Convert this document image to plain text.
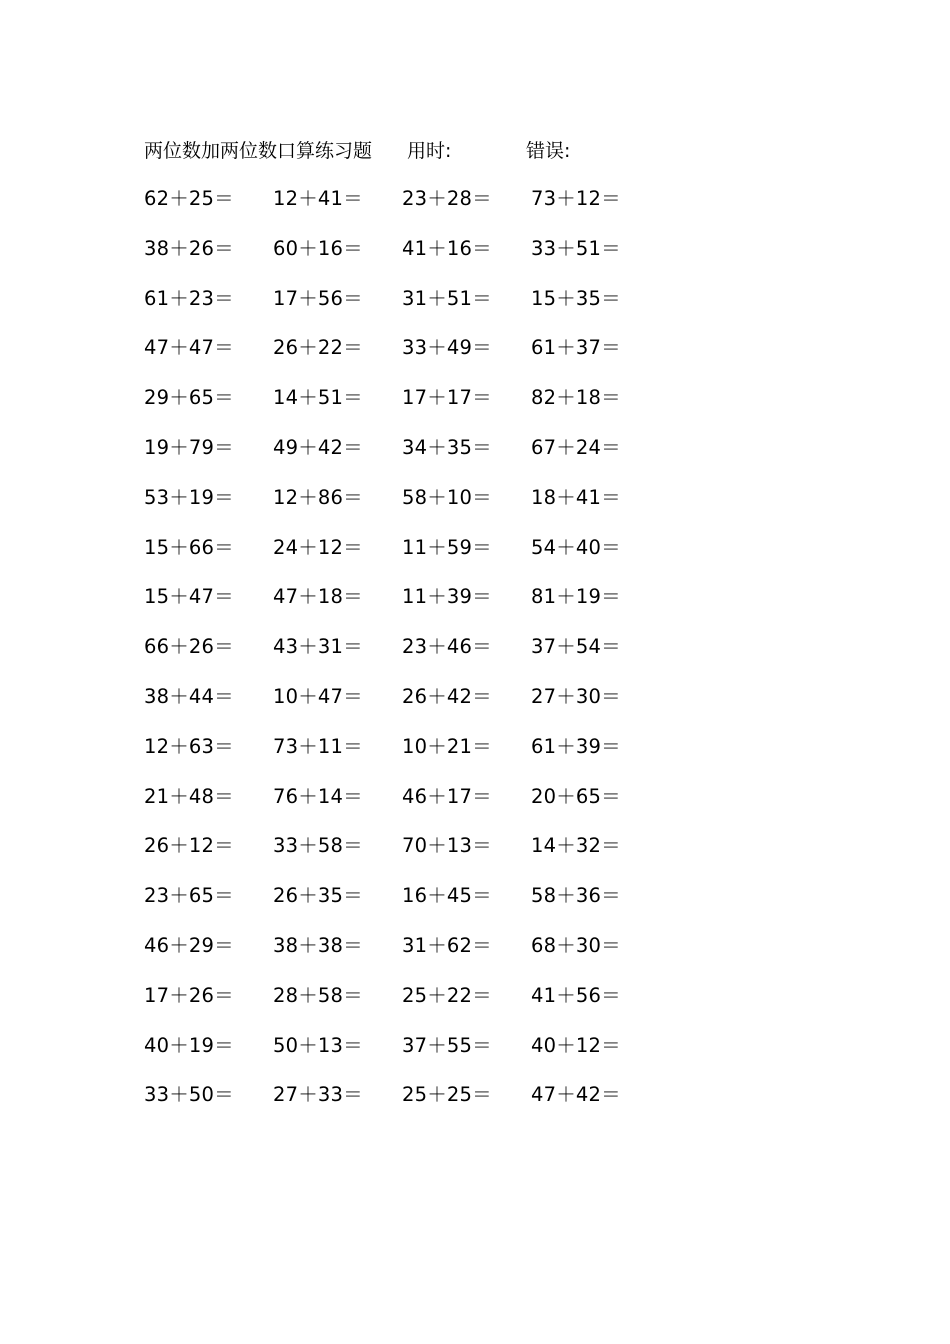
两位数加两位数口算练习题 用时:	错误:
62＋25＝ 12＋41＝ 23＋28＝ 73＋12＝
38＋26＝ 60＋16＝ 41＋16＝ 33＋51＝
61＋23＝ 17＋56＝ 31＋51＝ 15＋35＝
47＋47＝ 26＋22＝ 33＋49＝ 61＋37＝
29＋65＝ 14＋51＝ 17＋17＝ 82＋18＝
19＋79＝ 49＋42＝ 34＋35＝ 67＋24＝
53＋19＝ 12＋86＝ 58＋10＝ 18＋41＝
15＋66＝ 24＋12＝ 11＋59＝ 54＋40＝
15＋47＝ 47＋18＝ 11＋39＝ 81＋19＝
66＋26＝ 43＋31＝ 23＋46＝ 37＋54＝
38＋44＝ 10＋47＝ 26＋42＝ 27＋30＝
12＋63＝ 73＋11＝ 10＋21＝ 61＋39＝
21＋48＝ 76＋14＝ 46＋17＝ 20＋65＝
26＋12＝ 33＋58＝ 70＋13＝ 14＋32＝
23＋65＝ 26＋35＝ 16＋45＝ 58＋36＝
46＋29＝ 38＋38＝ 31＋62＝ 68＋30＝
17＋26＝ 28＋58＝ 25＋22＝ 41＋56＝
40＋19＝ 50＋13＝ 37＋55＝ 40＋12＝
33＋50＝ 27＋33＝ 25＋25＝ 47＋42＝
